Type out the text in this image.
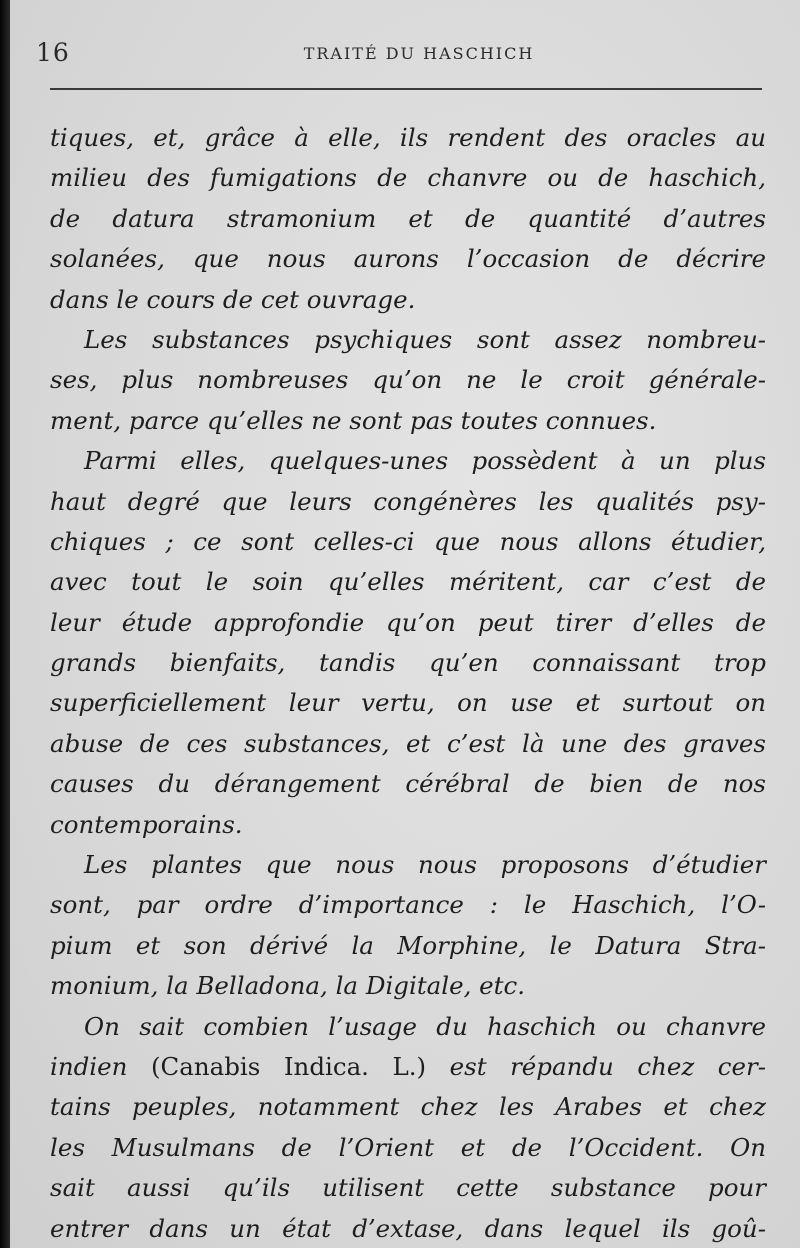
16	TRAITÉ DU HASCHICH
tiques, et, grâce à elle, ils rendent des oracles au
milieu des fumigations de chanvre ou de haschich,
de datura stramonium et de quantité d’autres
solanées, que nous aurons l’occasion de décrire
dans le cours de cet ouvrage.
Les substances psychiques sont assez nombreu-
ses, plus nombreuses qu’on ne le croit générale-
ment, parce qu’elles ne sont pas toutes connues.
Parmi elles, quelques-unes possèdent à un plus
haut degré que leurs congénères les qualités psy-
chiques ; ce sont celles-ci que nous allons étudier,
avec tout le soin qu’elles méritent, car c’est de
leur étude approfondie qu’on peut tirer d’elles de
grands bienfaits, tandis qu’en connaissant trop
superficiellement leur vertu, on use et surtout on
abuse de ces substances, et c’est là une des graves
causes du dérangement cérébral de bien de nos
contemporains.
Les plantes que nous nous proposons d’étudier
sont, par ordre d’importance : le Haschich, l’O-
pium et son dérivé la Morphine, le Datura Stra-
monium, la Belladona, la Digitale, etc.
On sait combien l’usage du haschich ou chanvre
indien (Canabis Indica. L.) est répandu chez cer-
tains peuples, notamment chez les Arabes et chez
les Musulmans de l’Orient et de l’Occident. On
sait aussi qu’ils utilisent cette substance pour
entrer dans un état d’extase, dans lequel ils goû-
